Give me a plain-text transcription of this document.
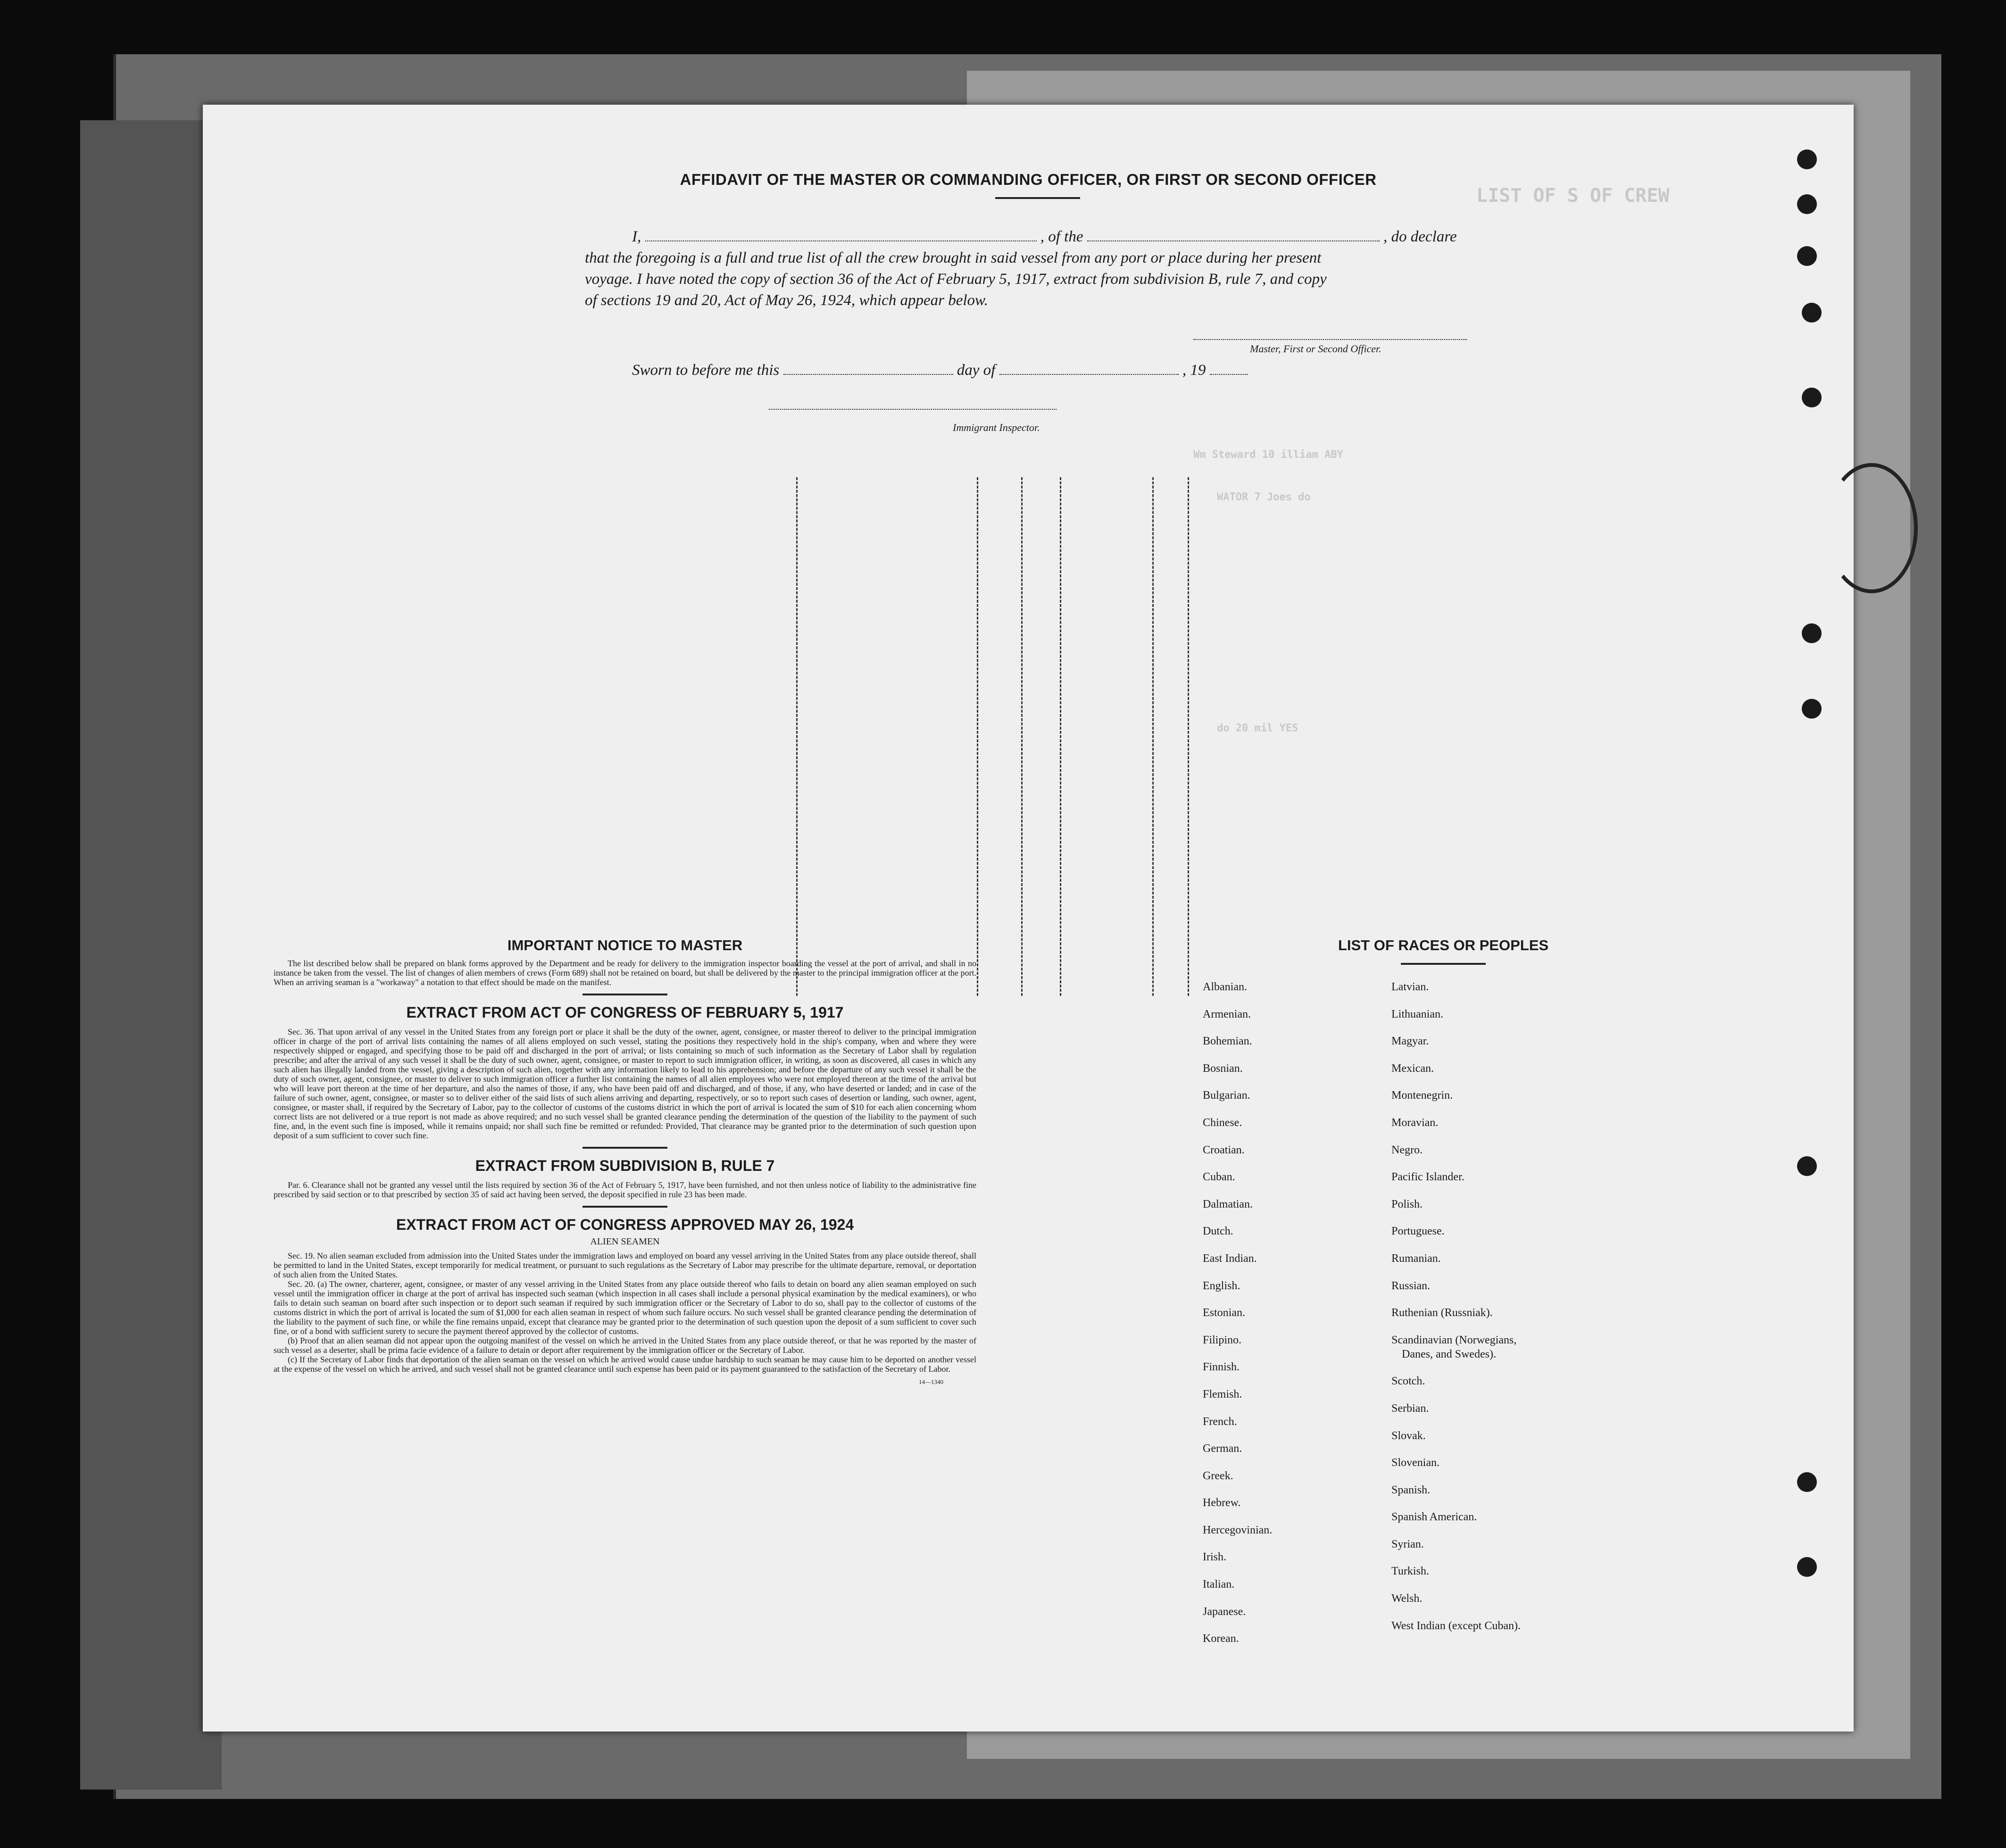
LIST OF S OF CREW
Wm Steward 10 illiam ABY
WATOR 7 Joes do
do 20 mil YES
AFFIDAVIT OF THE MASTER OR COMMANDING OFFICER, OR FIRST OR SECOND OFFICER
I,	, of the	, do declare
that the foregoing is a full and true list of all the crew brought in said vessel from any port or place during her present
voyage. I have noted the copy of section 36 of the Act of February 5, 1917, extract from subdivision B, rule 7, and copy
of sections 19 and 20, Act of May 26, 1924, which appear below.
Master, First or Second Officer.
Sworn to before me this	day of	, 19
Immigrant Inspector.
IMPORTANT NOTICE TO MASTER

The list described below shall be prepared on blank forms approved by the Department and be ready for delivery to the immigration inspector boarding the vessel at the port of arrival, and shall in no instance be taken from the vessel. The list of changes of alien members of crews (Form 689) shall not be retained on board, but shall be delivered by the master to the principal immigration officer at the port. When an arriving seaman is a "workaway" a notation to that effect should be made on the manifest.

EXTRACT FROM ACT OF CONGRESS OF FEBRUARY 5, 1917

Sec. 36. That upon arrival of any vessel in the United States from any foreign port or place it shall be the duty of the owner, agent, consignee, or master thereof to deliver to the principal immigration officer in charge of the port of arrival lists containing the names of all aliens employed on such vessel, stating the positions they respectively hold in the ship's company, when and where they were respectively shipped or engaged, and specifying those to be paid off and discharged in the port of arrival; or lists containing so much of such information as the Secretary of Labor shall by regulation prescribe; and after the arrival of any such vessel it shall be the duty of such owner, agent, consignee, or master to report to such immigration officer, in writing, as soon as discovered, all cases in which any such alien has illegally landed from the vessel, giving a description of such alien, together with any information likely to lead to his apprehension; and before the departure of any such vessel it shall be the duty of such owner, agent, consignee, or master to deliver to such immigration officer a further list containing the names of all alien employees who were not employed thereon at the time of the arrival but who will leave port thereon at the time of her departure, and also the names of those, if any, who have been paid off and discharged, and of those, if any, who have deserted or landed; and in case of the failure of such owner, agent, consignee, or master so to deliver either of the said lists of such aliens arriving and departing, respectively, or so to report such cases of desertion or landing, such owner, agent, consignee, or master shall, if required by the Secretary of Labor, pay to the collector of customs of the customs district in which the port of arrival is located the sum of $10 for each alien concerning whom correct lists are not delivered or a true report is not made as above required; and no such vessel shall be granted clearance pending the determination of the question of the liability to the payment of such fine, and, in the event such fine is imposed, while it remains unpaid; nor shall such fine be remitted or refunded: Provided, That clearance may be granted prior to the determination of such question upon deposit of a sum sufficient to cover such fine.

EXTRACT FROM SUBDIVISION B, RULE 7

Par. 6. Clearance shall not be granted any vessel until the lists required by section 36 of the Act of February 5, 1917, have been furnished, and not then unless notice of liability to the administrative fine prescribed by said section or to that prescribed by section 35 of said act having been served, the deposit specified in rule 23 has been made.

EXTRACT FROM ACT OF CONGRESS APPROVED MAY 26, 1924
ALIEN SEAMEN

Sec. 19. No alien seaman excluded from admission into the United States under the immigration laws and employed on board any vessel arriving in the United States from any place outside thereof, shall be permitted to land in the United States, except temporarily for medical treatment, or pursuant to such regulations as the Secretary of Labor may prescribe for the ultimate departure, removal, or deportation of such alien from the United States.

Sec. 20. (a) The owner, charterer, agent, consignee, or master of any vessel arriving in the United States from any place outside thereof who fails to detain on board any alien seaman employed on such vessel until the immigration officer in charge at the port of arrival has inspected such seaman (which inspection in all cases shall include a personal physical examination by the medical examiners), or who fails to detain such seaman on board after such inspection or to deport such seaman if required by such immigration officer or the Secretary of Labor to do so, shall pay to the collector of customs of the customs district in which the port of arrival is located the sum of $1,000 for each alien seaman in respect of whom such failure occurs. No such vessel shall be granted clearance pending the determination of the liability to the payment of such fine, or while the fine remains unpaid, except that clearance may be granted prior to the determination of such question upon the deposit of a sum sufficient to cover such fine, or of a bond with sufficient surety to secure the payment thereof approved by the collector of customs.

(b) Proof that an alien seaman did not appear upon the outgoing manifest of the vessel on which he arrived in the United States from any place outside thereof, or that he was reported by the master of such vessel as a deserter, shall be prima facie evidence of a failure to detain or deport after requirement by the immigration officer or the Secretary of Labor.

(c) If the Secretary of Labor finds that deportation of the alien seaman on the vessel on which he arrived would cause undue hardship to such seaman he may cause him to be deported on another vessel at the expense of the vessel on which he arrived, and such vessel shall not be granted clearance until such expense has been paid or its payment guaranteed to the satisfaction of the Secretary of Labor.

14—1340
LIST OF RACES OR PEOPLES
Albanian.
Armenian.
Bohemian.
Bosnian.
Bulgarian.
Chinese.
Croatian.
Cuban.
Dalmatian.
Dutch.
East Indian.
English.
Estonian.
Filipino.
Finnish.
Flemish.
French.
German.
Greek.
Hebrew.
Hercegovinian.
Irish.
Italian.
Japanese.
Korean.
Latvian.
Lithuanian.
Magyar.
Mexican.
Montenegrin.
Moravian.
Negro.
Pacific Islander.
Polish.
Portuguese.
Rumanian.
Russian.
Ruthenian (Russniak).
Scandinavian (Norwegians,
Danes, and Swedes).
Scotch.
Serbian.
Slovak.
Slovenian.
Spanish.
Spanish American.
Syrian.
Turkish.
Welsh.
West Indian (except Cuban).
